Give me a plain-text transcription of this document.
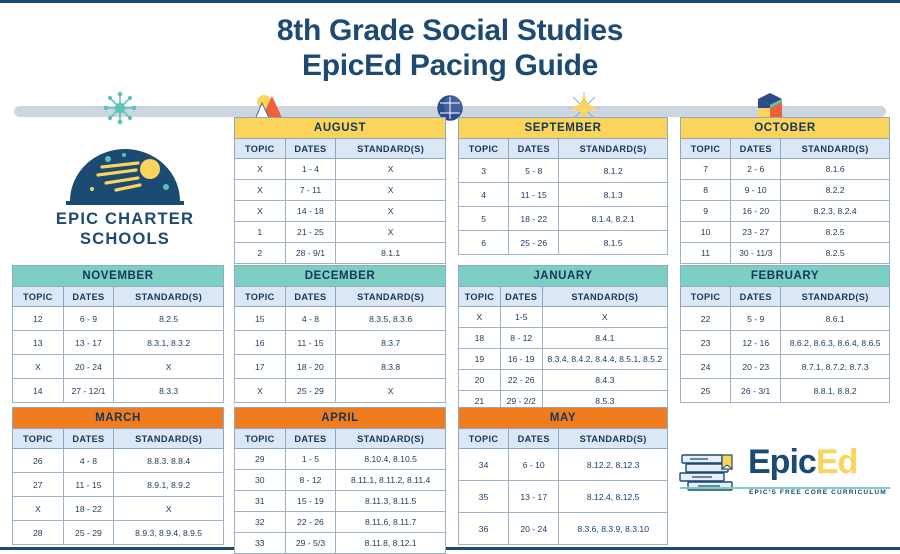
8th Grade Social Studies
EpicEd Pacing Guide
EPIC CHARTER
SCHOOLS
AUGUST		
TOPIC	DATES	STANDARD(S)
X	1 - 4	X
X	7 - 11	X
X	14 - 18	X
1	21 - 25	X
2	28 - 9/1	8.1.1
SEPTEMBER		
TOPIC	DATES	STANDARD(S)
3	5 - 8	8.1.2
4	11 - 15	8.1.3
5	18 - 22	8.1.4, 8.2.1
6	25 - 26	8.1.5
OCTOBER		
TOPIC	DATES	STANDARD(S)
7	2 - 6	8.1.6
8	9 - 10	8.2.2
9	16 - 20	8.2.3, 8.2.4
10	23 - 27	8.2.5
11	30 - 11/3	8.2.5
NOVEMBER		
TOPIC	DATES	STANDARD(S)
12	6 - 9	8.2.5
13	13 - 17	8.3.1, 8.3.2
X	20 - 24	X
14	27 - 12/1	8.3.3
DECEMBER		
TOPIC	DATES	STANDARD(S)
15	4 - 8	8.3.5, 8.3.6
16	11 - 15	8.3.7
17	18 - 20	8.3.8
X	25 - 29	X
JANUARY		
TOPIC	DATES	STANDARD(S)
X	1-5	X
18	8 - 12	8.4.1
19	16 - 19	8.3.4, 8.4.2, 8.4.4, 8.5.1, 8.5.2
20	22 - 26	8.4.3
21	29 - 2/2	8.5.3
FEBRUARY		
TOPIC	DATES	STANDARD(S)
22	5 - 9	8.6.1
23	12 - 16	8.6.2, 8.6.3, 8.6.4, 8.6.5
24	20 - 23	8.7.1, 8.7.2, 8.7.3
25	26 - 3/1	8.8.1, 8.8.2
MARCH		
TOPIC	DATES	STANDARD(S)
26	4 - 8	8.8.3. 8.8.4
27	11 - 15	8.9.1, 8.9.2
X	18 - 22	X
28	25 - 29	8.9.3, 8.9.4, 8.9.5
APRIL		
TOPIC	DATES	STANDARD(S)
29	1 - 5	8.10.4, 8.10.5
30	8 - 12	8.11.1, 8.11.2, 8.11.4
31	15 - 19	8.11.3, 8.11.5
32	22 - 26	8.11.6, 8.11.7
33	29 - 5/3	8.11.8, 8.12.1
MAY		
TOPIC	DATES	STANDARD(S)
34	6 - 10	8.12.2, 8.12.3
35	13 - 17	8.12.4, 8.12.5
36	20 - 24	8.3.6, 8.3.9, 8.3.10
EpicEd
EPIC'S FREE CORE CURRICULUM
